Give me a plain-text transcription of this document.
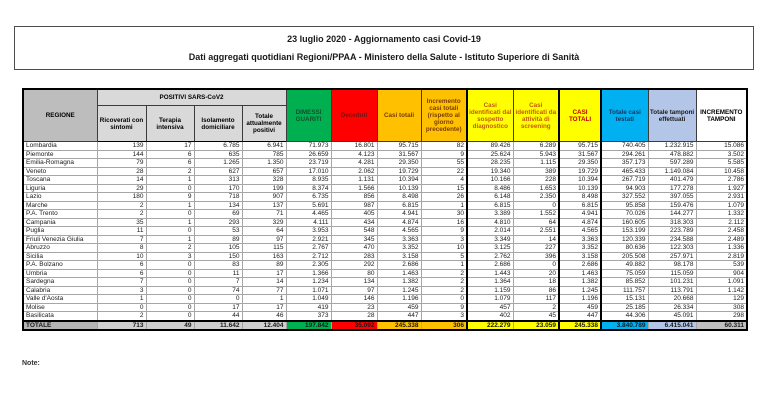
23 luglio 2020 - Aggiornamento casi Covid-19
Dati aggregati quotidiani Regioni/PPAA - Ministero della Salute - Istituto Superiore di Sanità
REGIONE	POSITIVI SARS-CoV2				DIMESSI GUARITI	Deceduti	Casi totali	Incremento casi totali (rispetto al giorno precedente)	Casi identificati dal sospetto diagnostico	Casi identificati da attività di screening	CASI TOTALI	Totale casi testati	Totale tamponi effettuati	INCREMENTO TAMPONI
	Ricoverati con sintomi	Terapia intensiva	Isolamento domiciliare	Totale attualmente positivi										
Lombardia	139	17	6.785	6.941	71.973	16.801	95.715	82	89.426	6.289	95.715	740.405	1.232.915	15.086
Piemonte	144	6	635	785	26.659	4.123	31.567	9	25.624	5.943	31.567	294.261	478.882	3.502
Emilia-Romagna	79	6	1.265	1.350	23.719	4.281	29.350	55	28.235	1.115	29.350	357.173	597.289	5.585
Veneto	28	2	627	657	17.010	2.062	19.729	22	19.340	389	19.729	465.433	1.149.084	10.458
Toscana	14	1	313	328	8.935	1.131	10.394	4	10.166	228	10.394	267.719	401.479	2.786
Liguria	29	0	170	199	8.374	1.566	10.139	15	8.486	1.653	10.139	94.903	177.278	1.927
Lazio	180	9	718	907	6.735	856	8.498	26	6.148	2.350	8.498	327.552	397.055	2.931
Marche	2	1	134	137	5.691	987	6.815	1	6.815	0	6.815	95.858	159.476	1.079
P.A. Trento	2	0	69	71	4.465	405	4.941	30	3.389	1.552	4.941	70.026	144.277	1.332
Campania	35	1	293	329	4.111	434	4.874	16	4.810	64	4.874	160.605	318.303	2.112
Puglia	11	0	53	64	3.953	548	4.565	9	2.014	2.551	4.565	153.199	223.789	2.458
Friuli Venezia Giulia	7	1	89	97	2.921	345	3.363	3	3.349	14	3.363	120.339	234.588	2.489
Abruzzo	8	2	105	115	2.767	470	3.352	10	3.125	227	3.352	80.636	122.303	1.336
Sicilia	10	3	150	163	2.712	283	3.158	5	2.762	396	3.158	205.508	257.971	2.819
P.A. Bolzano	6	0	83	89	2.305	292	2.686	1	2.686	0	2.686	49.882	98.178	539
Umbria	6	0	11	17	1.366	80	1.463	2	1.443	20	1.463	75.059	115.059	904
Sardegna	7	0	7	14	1.234	134	1.382	2	1.364	18	1.382	85.852	101.231	1.091
Calabria	3	0	74	77	1.071	97	1.245	2	1.159	86	1.245	111.757	113.791	1.142
Valle d'Aosta	1	0	0	1	1.049	146	1.196	0	1.079	117	1.196	15.131	20.668	129
Molise	0	0	17	17	419	23	459	9	457	2	459	25.185	26.334	308
Basilicata	2	0	44	46	373	28	447	3	402	45	447	44.306	45.091	298
TOTALE	713	49	11.642	12.404	197.842	35.092	245.338	306	222.279	23.059	245.338	3.840.789	6.415.041	60.311
Note:
